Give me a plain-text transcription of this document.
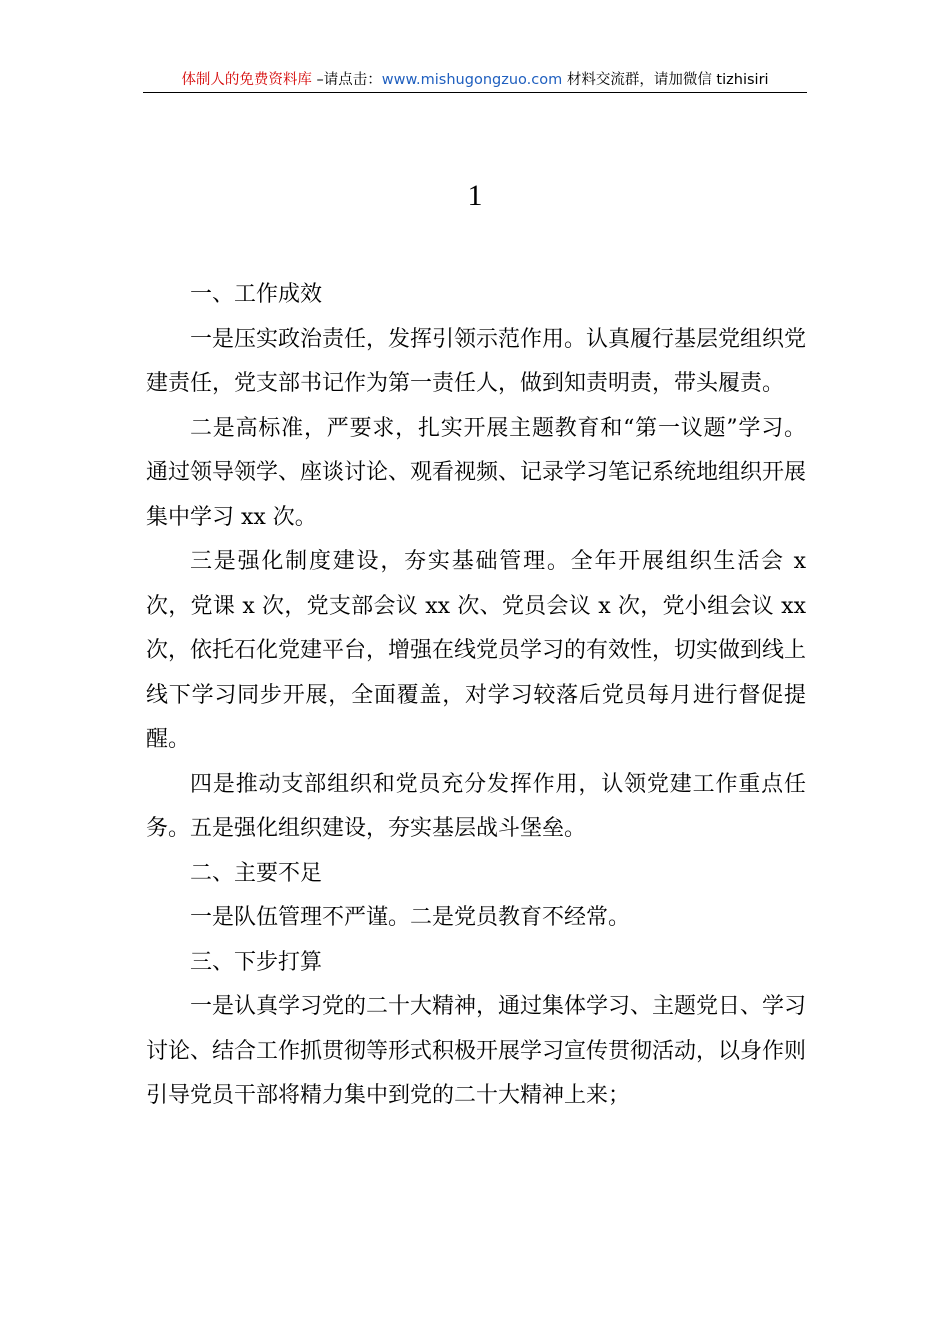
体制人的免费资料库 –请点击：www.mishugongzuo.com 材料交流群，请加微信 tizhisiri
1

一、工作成效

一是压实政治责任，发挥引领示范作用。认真履行基层党组织党建责任，党支部书记作为第一责任人，做到知责明责，带头履责。

二是高标准，严要求，扎实开展主题教育和“第一议题”学习。通过领导领学、座谈讨论、观看视频、记录学习笔记系统地组织开展集中学习 xx 次。

三是强化制度建设，夯实基础管理。全年开展组织生活会 x 次，党课 x 次，党支部会议 xx 次、党员会议 x 次，党小组会议 xx 次，依托石化党建平台，增强在线党员学习的有效性，切实做到线上线下学习同步开展，全面覆盖，对学习较落后党员每月进行督促提醒。

四是推动支部组织和党员充分发挥作用，认领党建工作重点任务。五是强化组织建设，夯实基层战斗堡垒。

二、主要不足

一是队伍管理不严谨。二是党员教育不经常。

三、下步打算

一是认真学习党的二十大精神，通过集体学习、主题党日、学习讨论、结合工作抓贯彻等形式积极开展学习宣传贯彻活动，以身作则引导党员干部将精力集中到党的二十大精神上来；
